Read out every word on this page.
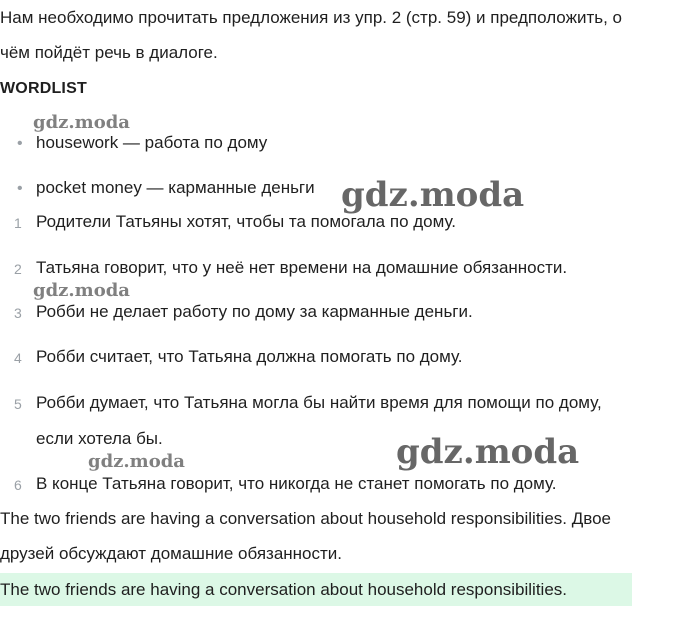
Нам необходимо прочитать предложения из упр. 2 (стр. 59) и предположить, о
чём пойдёт речь в диалоге.
WORDLIST
• housework — работа по дому
• pocket money — карманные деньги
1 Родители Татьяны хотят, чтобы та помогала по дому.
2 Татьяна говорит, что у неё нет времени на домашние обязанности.
3 Робби не делает работу по дому за карманные деньги.
4 Робби считает, что Татьяна должна помогать по дому.
5 Робби думает, что Татьяна могла бы найти время для помощи по дому,
если хотела бы.
6 В конце Татьяна говорит, что никогда не станет помогать по дому.
The two friends are having a conversation about household responsibilities. Двое
друзей обсуждают домашние обязанности.
The two friends are having a conversation about household responsibilities.
gdz.moda
gdz.moda
gdz.moda
gdz.moda
gdz.moda
